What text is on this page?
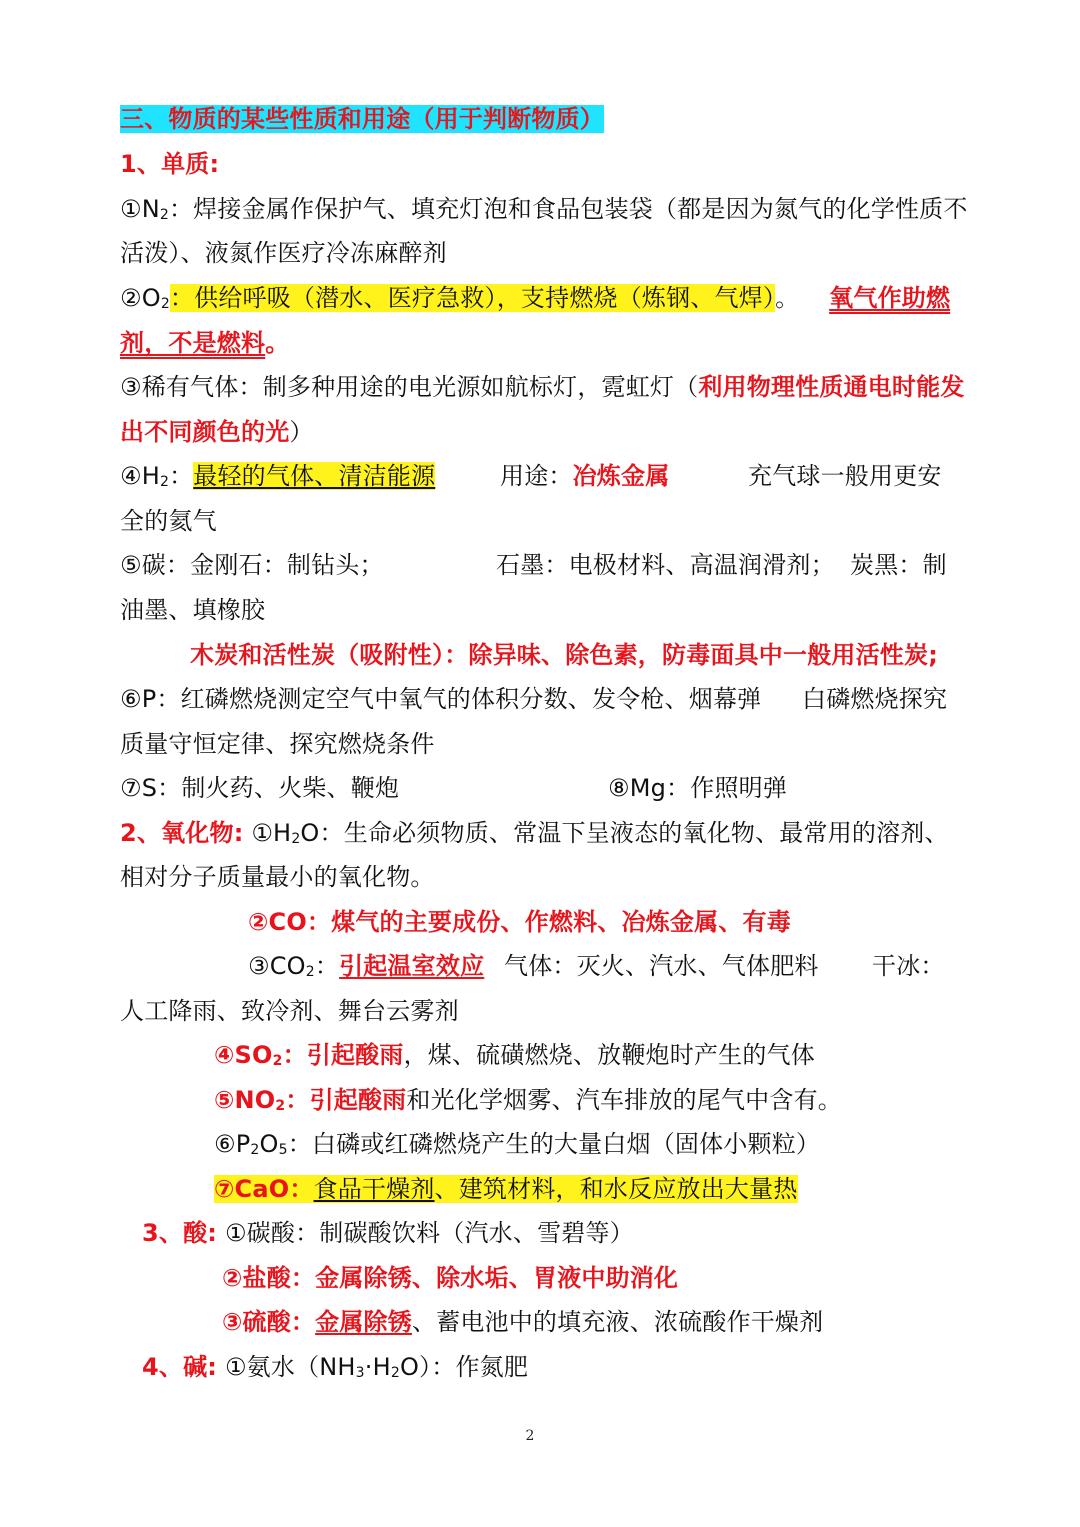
三、物质的某些性质和用途（用于判断物质）
1、单质:
$①N_2$：焊接金属作保护气、填充灯泡和食品包装袋（都是因为氮气的化学性质不
活泼）、液氮作医疗冷冻麻醉剂
$②O_2$：供给呼吸（潜水、医疗急救），支持燃烧（炼钢、气焊）。 氧气作助燃
剂，不是燃料。
③稀有气体：制多种用途的电光源如航标灯，霓虹灯（利用物理性质通电时能发
出不同颜色的光）
$④H_2$：最轻的气体、清洁能源	用途：冶炼金属	充气球一般用更安
全的氦气
⑤碳：金刚石：制钻头；	石墨：电极材料、高温润滑剂； 炭黑：制
油墨、填橡胶
木炭和活性炭（吸附性）：除异味、除色素，防毒面具中一般用活性炭;
⑥P：红磷燃烧测定空气中氧气的体积分数、发令枪、烟幕弹 白磷燃烧探究
质量守恒定律、探究燃烧条件
⑦S：制火药、火柴、鞭炮	⑧Mg：作照明弹
2、氧化物: $①H_2O$：生命必须物质、常温下呈液态的氧化物、最常用的溶剂、
相对分子质量最小的氧化物。
②CO：煤气的主要成份、作燃料、冶炼金属、有毒
$③CO_2$：引起温室效应 气体：灭火、汽水、气体肥料 干冰：
人工降雨、致冷剂、舞台云雾剂
$④SO_2$：引起酸雨，煤、硫磺燃烧、放鞭炮时产生的气体
$⑤NO_2$：引起酸雨和光化学烟雾、汽车排放的尾气中含有。
$⑥P_2O_5$：白磷或红磷燃烧产生的大量白烟（固体小颗粒）
⑦CaO：食品干燥剂、建筑材料，和水反应放出大量热
3、酸: ①碳酸：制碳酸饮料（汽水、雪碧等）
②盐酸：金属除锈、除水垢、胃液中助消化
③硫酸：金属除锈、蓄电池中的填充液、浓硫酸作干燥剂
4、碱: ①氨水$(NH_3\cdot H_2O)$：作氮肥
2
